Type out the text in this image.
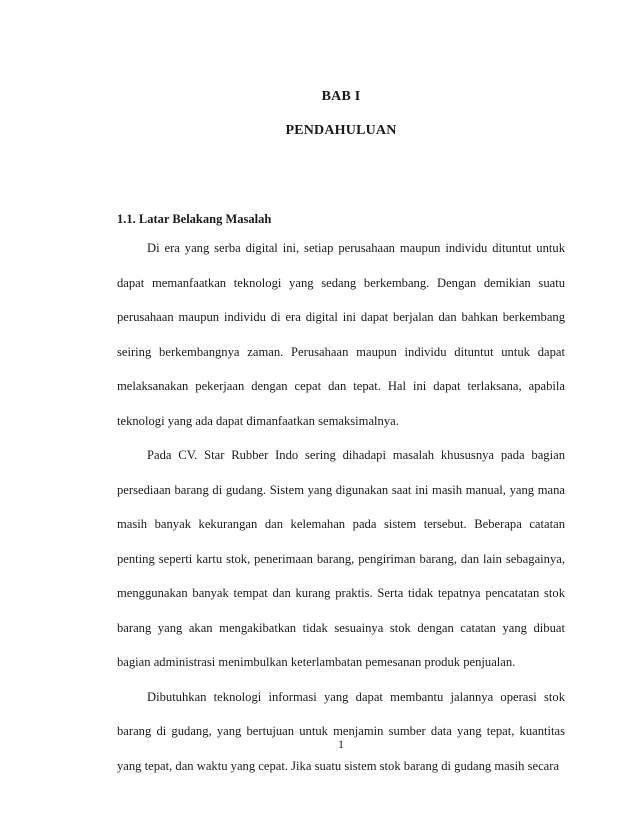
BAB I
PENDAHULUAN
1.1. Latar Belakang Masalah

Di era yang serba digital ini, setiap perusahaan maupun individu dituntut untuk dapat memanfaatkan teknologi yang sedang berkembang. Dengan demikian suatu perusahaan maupun individu di era digital ini dapat berjalan dan bahkan berkembang seiring berkembangnya zaman. Perusahaan maupun individu dituntut untuk dapat melaksanakan pekerjaan dengan cepat dan tepat. Hal ini dapat terlaksana, apabila teknologi yang ada dapat dimanfaatkan semaksimalnya.

Pada CV. Star Rubber Indo sering dihadapi masalah khususnya pada bagian persediaan barang di gudang. Sistem yang digunakan saat ini masih manual, yang mana masih banyak kekurangan dan kelemahan pada sistem tersebut. Beberapa catatan penting seperti kartu stok, penerimaan barang, pengiriman barang, dan lain sebagainya, menggunakan banyak tempat dan kurang praktis. Serta tidak tepatnya pencatatan stok barang yang akan mengakibatkan tidak sesuainya stok dengan catatan yang dibuat bagian administrasi menimbulkan keterlambatan pemesanan produk penjualan.

Dibutuhkan teknologi informasi yang dapat membantu jalannya operasi stok barang di gudang, yang bertujuan untuk menjamin sumber data yang tepat, kuantitas yang tepat, dan waktu yang cepat. Jika suatu sistem stok barang di gudang masih secara

1
